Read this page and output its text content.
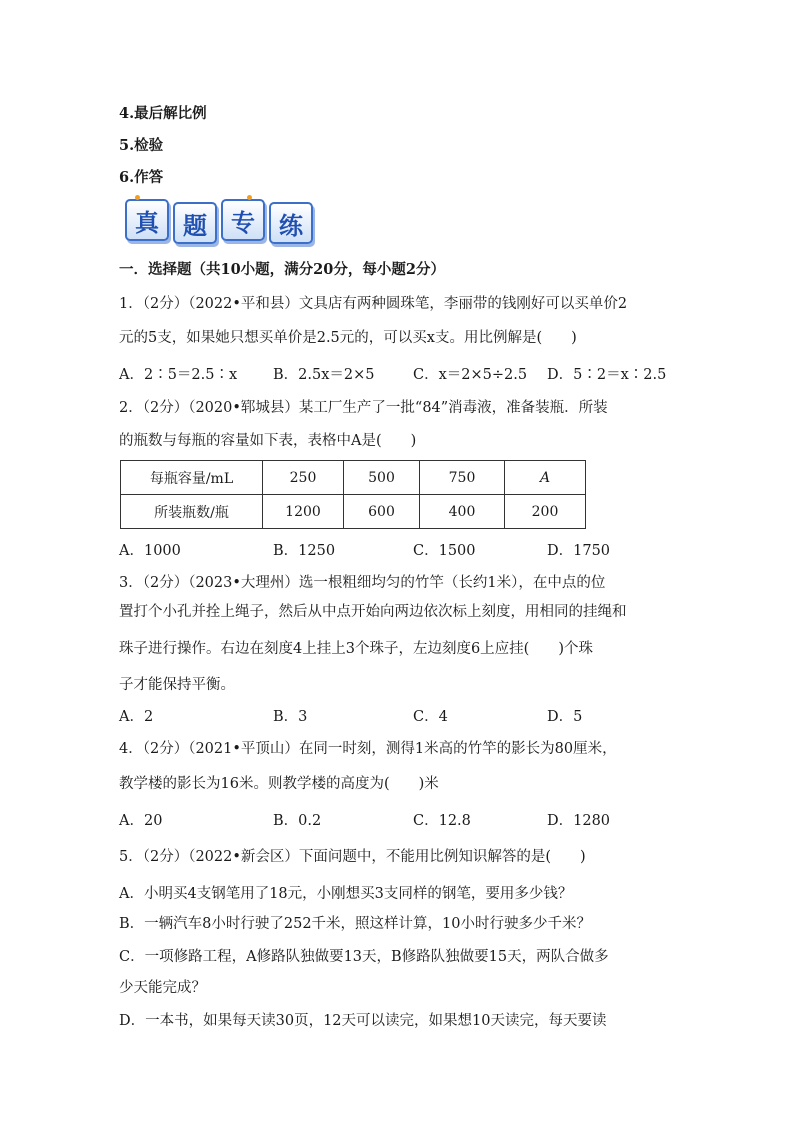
4.最后解比例
5.检验
6.作答
真 题 专 练
一．选择题（共10小题，满分20分，每小题2分）
1．（2分）（2022•平和县）文具店有两种圆珠笔，李丽带的钱刚好可以买单价2
元的5支，如果她只想买单价是2.5元的，可以买x支。用比例解是(　　)
A．2∶5＝2.5∶x B．2.5x＝2×5	C．x＝2×5÷2.5 D．5∶2＝x∶2.5
2．（2分）（2020•郓城县）某工厂生产了一批“84”消毒液，准备装瓶．所装
的瓶数与每瓶的容量如下表，表格中A是(　　)
每瓶容量/mL	250	500	750	A
所装瓶数/瓶	1200	600	400	200
A．1000	B．1250	C．1500	D．1750
3．（2分）（2023•大理州）选一根粗细均匀的竹竿（长约1米），在中点的位
置打个小孔并拴上绳子，然后从中点开始向两边依次标上刻度，用相同的挂绳和
珠子进行操作。右边在刻度4上挂上3个珠子，左边刻度6上应挂(　　)个珠
子才能保持平衡。
A．2	B．3	C．4	D．5
4．（2分）（2021•平顶山）在同一时刻，测得1米高的竹竿的影长为80厘米，
教学楼的影长为16米。则教学楼的高度为(　　)米
A．20	B．0.2	C．12.8	D．1280
5．（2分）（2022•新会区）下面问题中，不能用比例知识解答的是(　　)
A．小明买4支钢笔用了18元，小刚想买3支同样的钢笔，要用多少钱？
B．一辆汽车8小时行驶了252千米，照这样计算，10小时行驶多少千米？
C．一项修路工程，A修路队独做要13天，B修路队独做要15天，两队合做多
少天能完成？
D．一本书，如果每天读30页，12天可以读完，如果想10天读完，每天要读
